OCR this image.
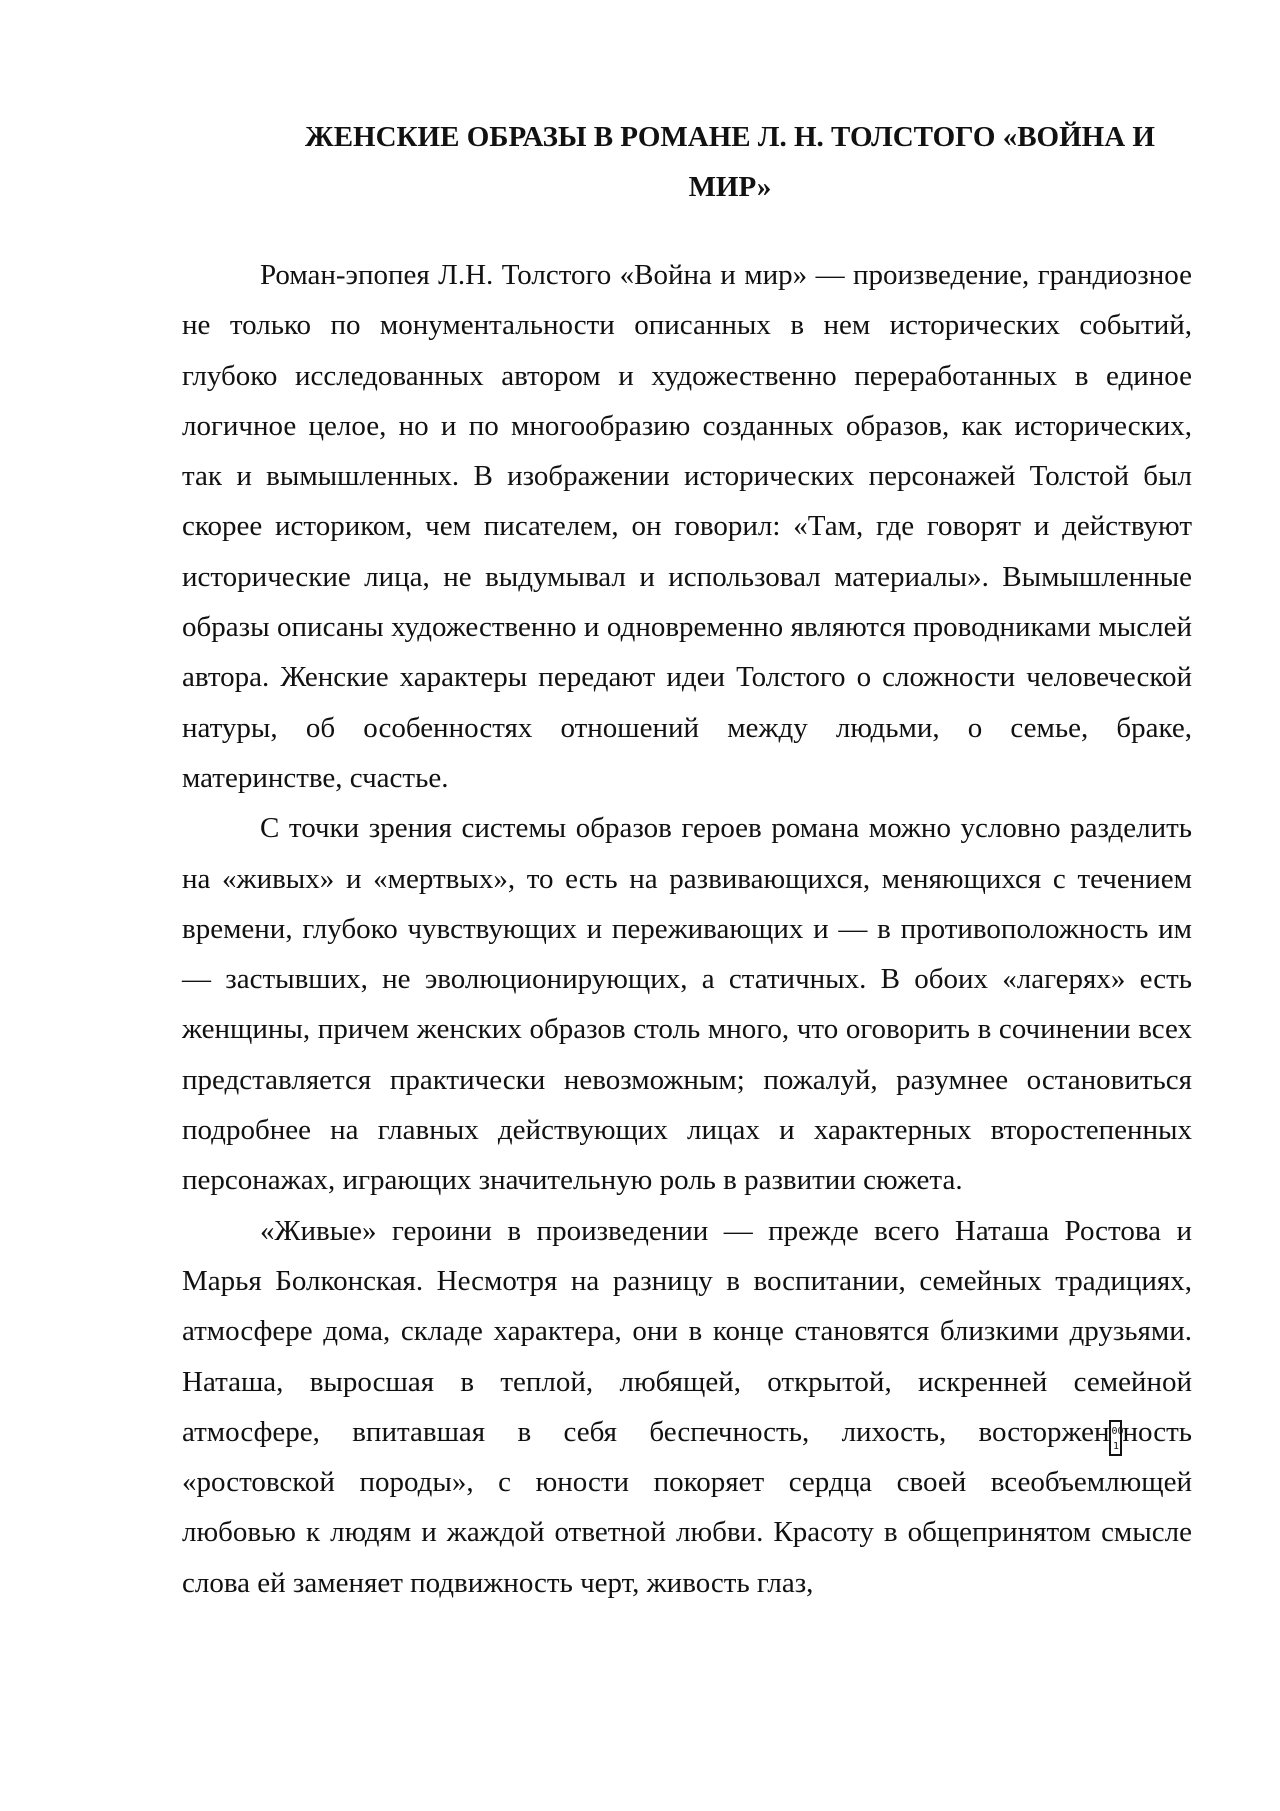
ЖЕНСКИЕ ОБРАЗЫ В РОМАНЕ Л. Н. ТОЛСТОГО «ВОЙНА И МИР»

Роман-эпопея Л.Н. Толстого «Война и мир» — произведение, грандиозное не только по монументальности описанных в нем исторических событий, глубоко исследованных автором и художественно переработанных в единое логичное целое, но и по многообразию созданных образов, как исторических, так и вымышленных. В изображении исторических персонажей Толстой был скорее историком, чем писателем, он говорил: «Там, где говорят и действуют исторические лица, не выдумывал и использовал материалы». Вымышленные образы описаны художественно и одновременно являются проводниками мыслей автора. Женские характеры передают идеи Толстого о сложности человеческой натуры, об особенностях отношений между людьми, о семье, браке, материнстве, счастье.

С точки зрения системы образов героев романа можно условно разделить на «живых» и «мертвых», то есть на развивающихся, меняющихся с течением времени, глубоко чувствующих и переживающих и — в противоположность им — застывших, не эволюционирующих, а статичных. В обоих «лагерях» есть женщины, причем женских образов столь много, что оговорить в сочинении всех представляется практически невозможным; пожалуй, разумнее остановиться подробнее на главных действующих лицах и характерных второстепенных персонажах, играющих значительную роль в развитии сюжета.

«Живые» героини в произведении — прежде всего Наташа Ростова и Марья Болконская. Несмотря на разницу в воспитании, семейных традициях, атмосфере дома, складе характера, они в конце становятся близкими друзьями. Наташа, выросшая в теплой, любящей, открытой, искренней семейной атмосфере, впитавшая в себя беспечность, лихость, восторжен 00 1 ность «ростовской породы», с юности покоряет сердца своей всеобъемлющей любовью к людям и жаждой ответной любви. Красоту в общепринятом смысле слова ей заменяет подвижность черт, живость глаз,
